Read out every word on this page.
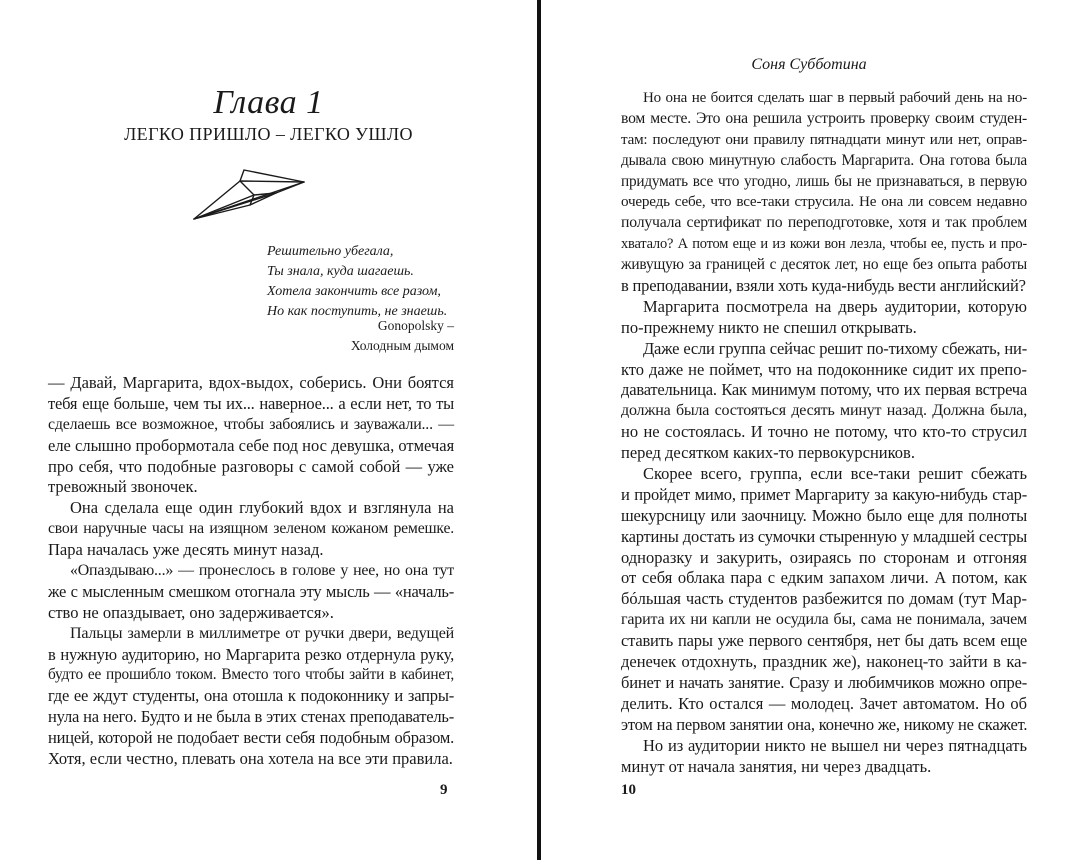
Глава 1
ЛЕГКО ПРИШЛО – ЛЕГКО УШЛО
Решительно убегала,
Ты знала, куда шагаешь.
Хотела закончить все разом,
Но как поступить, не знаешь.
Gonopolsky –
Холодным дымом
— Давай, Маргарита, вдох-выдох, соберись. Они боятся
тебя еще больше, чем ты их... наверное... а если нет, то ты
сделаешь все возможное, чтобы забоялись и зауважали... —
еле слышно пробормотала себе под нос девушка, отмечая
про себя, что подобные разговоры с самой собой — уже
тревожный звоночек.
Она сделала еще один глубокий вдох и взглянула на
свои наручные часы на изящном зеленом кожаном ремешке.
Пара началась уже десять минут назад.
«Опаздываю...» — пронеслось в голове у нее, но она тут
же с мысленным смешком отогнала эту мысль — «началь-
ство не опаздывает, оно задерживается».
Пальцы замерли в миллиметре от ручки двери, ведущей
в нужную аудиторию, но Маргарита резко отдернула руку,
будто ее прошибло током. Вместо того чтобы зайти в кабинет,
где ее ждут студенты, она отошла к подоконнику и запры-
нула на него. Будто и не была в этих стенах преподаватель-
ницей, которой не подобает вести себя подобным образом.
Хотя, если честно, плевать она хотела на все эти правила.
9
Соня Субботина
Но она не боится сделать шаг в первый рабочий день на но-
вом месте. Это она решила устроить проверку своим студен-
там: последуют они правилу пятнадцати минут или нет, оправ-
дывала свою минутную слабость Маргарита. Она готова была
придумать все что угодно, лишь бы не признаваться, в первую
очередь себе, что все-таки струсила. Не она ли совсем недавно
получала сертификат по переподготовке, хотя и так проблем
хватало? А потом еще и из кожи вон лезла, чтобы ее, пусть и про-
живущую за границей с десяток лет, но еще без опыта работы
в преподавании, взяли хоть куда-нибудь вести английский?
Маргарита посмотрела на дверь аудитории, которую
по-прежнему никто не спешил открывать.
Даже если группа сейчас решит по-тихому сбежать, ни-
кто даже не поймет, что на подоконнике сидит их препо-
давательница. Как минимум потому, что их первая встреча
должна была состояться десять минут назад. Должна была,
но не состоялась. И точно не потому, что кто-то струсил
перед десятком каких-то первокурсников.
Скорее всего, группа, если все-таки решит сбежать
и пройдет мимо, примет Маргариту за какую-нибудь стар-
шекурсницу или заочницу. Можно было еще для полноты
картины достать из сумочки стыренную у младшей сестры
одноразку и закурить, озираясь по сторонам и отгоняя
от себя облака пара с едким запахом личи. А потом, как
бóльшая часть студентов разбежится по домам (тут Мар-
гарита их ни капли не осудила бы, сама не понимала, зачем
ставить пары уже первого сентября, нет бы дать всем еще
денечек отдохнуть, праздник же), наконец-то зайти в ка-
бинет и начать занятие. Сразу и любимчиков можно опре-
делить. Кто остался — молодец. Зачет автоматом. Но об
этом на первом занятии она, конечно же, никому не скажет.
Но из аудитории никто не вышел ни через пятнадцать
минут от начала занятия, ни через двадцать.
10
